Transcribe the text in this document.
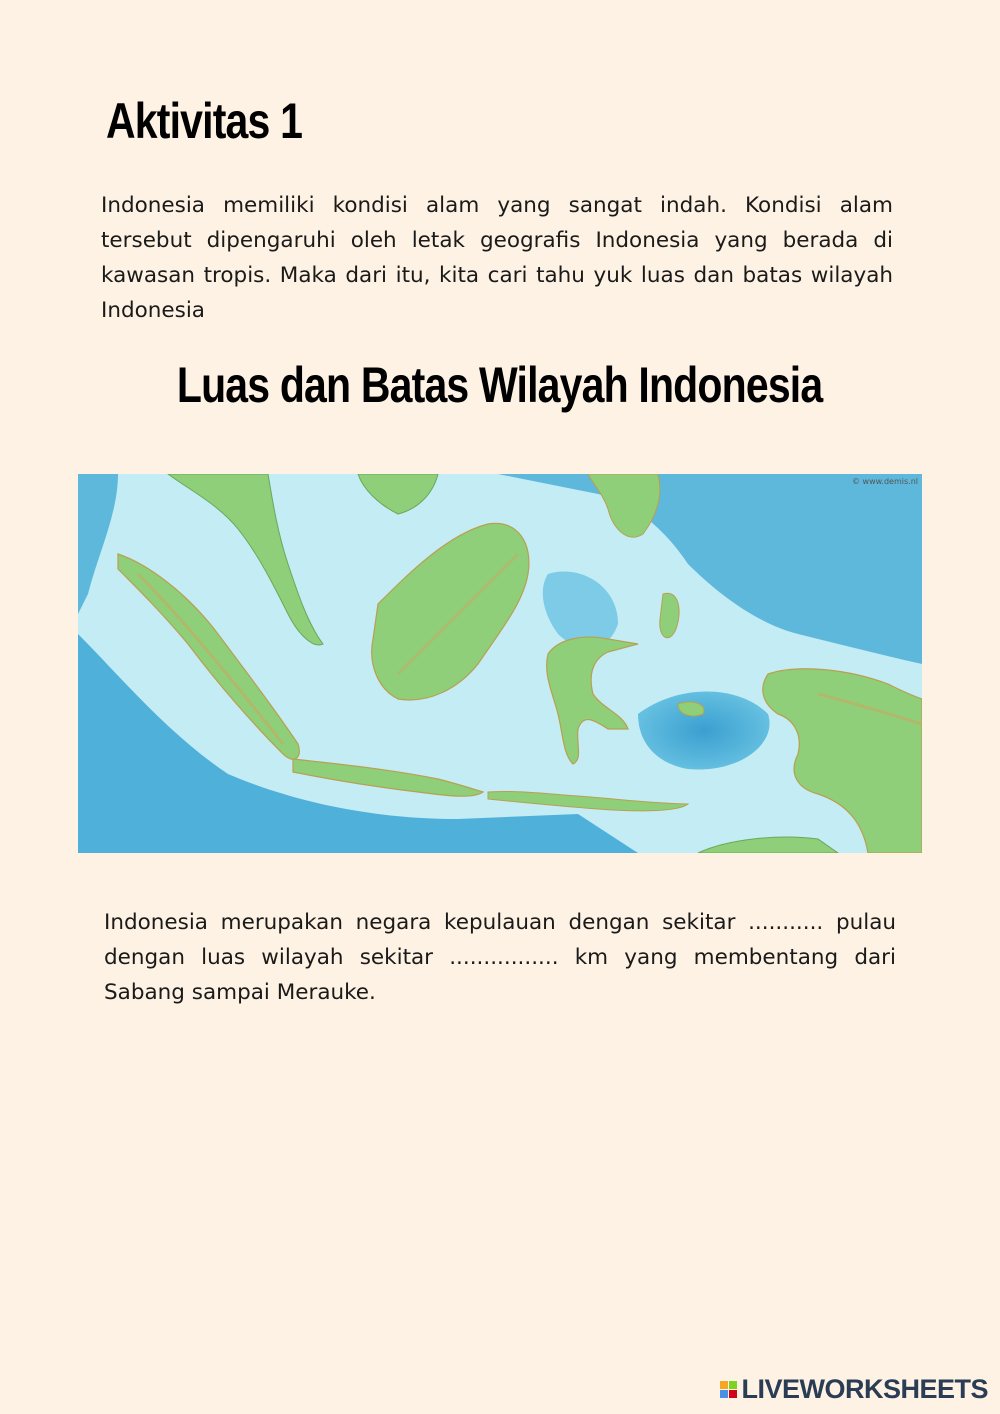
Aktivitas 1

Indonesia memiliki kondisi alam yang sangat indah. Kondisi alam tersebut dipengaruhi oleh letak geografis Indonesia yang berada di kawasan tropis. Maka dari itu, kita cari tahu yuk luas dan batas wilayah Indonesia

Luas dan Batas Wilayah Indonesia
© www.demis.nl

Indonesia merupakan negara kepulauan dengan sekitar ........... pulau dengan luas wilayah sekitar ................ km yang membentang dari Sabang sampai Merauke.

LIVEWORKSHEETS
